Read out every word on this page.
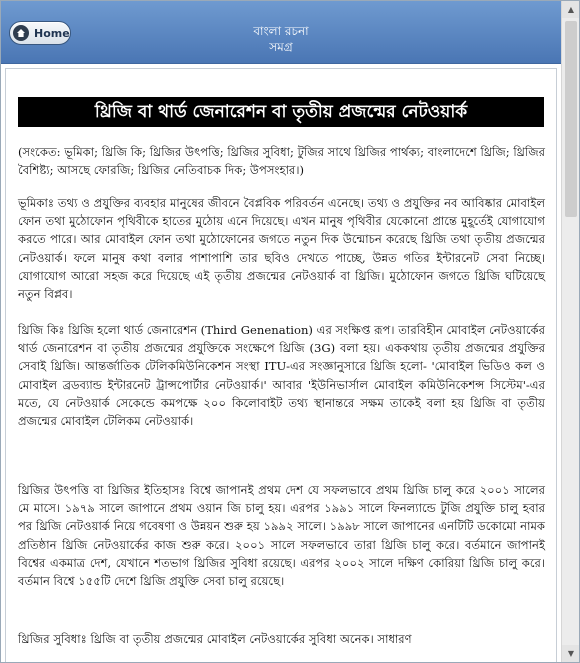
Home	বাংলা রচনা
সমগ্র
থ্রিজি বা থার্ড জেনারেশন বা তৃতীয় প্রজন্মের নেটওয়ার্ক
(সংকেত: ভূমিকা; থ্রিজি কি; থ্রিজির উৎপত্তি; থ্রিজির সুবিধা; টুজির সাথে থ্রিজির পার্থক্য; বাংলাদেশে থ্রিজি; থ্রিজির বৈশিষ্ট্য; আসছে ফোরজি; থ্রিজির নেতিবাচক দিক; উপসংহার।)
ভূমিকাঃ তথ্য ও প্রযুক্তির ব্যবহার মানুষের জীবনে বৈপ্লবিক পরিবর্তন এনেছে। তথ্য ও প্রযুক্তির নব আবিষ্কার মোবাইল ফোন তথা মুঠোফোন পৃথিবীকে হাতের মুঠোয় এনে দিয়েছে। এখন মানুষ পৃথিবীর যেকোনো প্রান্তে মুহূর্তেই যোগাযোগ করতে পারে। আর মোবাইল ফোন তথা মুঠোফোনের জগতে নতুন দিক উন্মোচন করেছে থ্রিজি তথা তৃতীয় প্রজন্মের নেটওয়ার্ক। ফলে মানুষ কথা বলার পাশাপাশি তার ছবিও দেখতে পাচ্ছে, উন্নত গতির ইন্টারনেট সেবা নিচ্ছে। যোগাযোগ আরো সহজ করে দিয়েছে এই তৃতীয় প্রজন্মের নেটওয়ার্ক বা থ্রিজি। মুঠোফোন জগতে থ্রিজি ঘটিয়েছে নতুন বিপ্লব।
থ্রিজি কিঃ থ্রিজি হলো থার্ড জেনারেশন (Third Genenation) এর সংক্ষিপ্ত রূপ। তারবিহীন মোবাইল নেটওয়ার্কের থার্ড জেনারেশন বা তৃতীয় প্রজন্মের প্রযুক্তিকে সংক্ষেপে থ্রিজি (3G) বলা হয়। এককথায় তৃতীয় প্রজন্মের প্রযুক্তির সেবাই থ্রিজি। আন্তর্জাতিক টেলিকমিউনিকেশন সংস্থা ITU-এর সংজ্ঞানুসারে থ্রিজি হলো- 'মোবাইল ভিডিও কল ও মোবাইল ব্রডব্যান্ড ইন্টারনেট ট্রান্সপোর্টার নেটওয়ার্ক।' আবার 'ইউনিভার্সাল মোবাইল কমিউনিকেশন্স সিস্টেম'-এর মতে, যে নেটওয়ার্ক সেকেন্ডে কমপক্ষে ২০০ কিলোবাইট তথ্য স্থানান্তরে সক্ষম তাকেই বলা হয় থ্রিজি বা তৃতীয় প্রজন্মের মোবাইল টেলিকম নেটওয়ার্ক।
থ্রিজির উৎপত্তি বা থ্রিজির ইতিহাসঃ বিশ্বে জাপানই প্রথম দেশ যে সফলভাবে প্রথম থ্রিজি চালু করে ২০০১ সালের মে মাসে। ১৯৭৯ সালে জাপানে প্রথম ওয়ান জি চালু হয়। এরপর ১৯৯১ সালে ফিনল্যান্ডে টুজি প্রযুক্তি চালু হবার পর থ্রিজি নেটওয়ার্ক নিয়ে গবেষণা ও উন্নয়ন শুরু হয় ১৯৯২ সালে। ১৯৯৮ সালে জাপানের এনটিটি ডকোমো নামক প্রতিষ্ঠান থ্রিজি নেটওয়ার্কের কাজ শুরু করে। ২০০১ সালে সফলভাবে তারা থ্রিজি চালু করে। বর্তমানে জাপানই বিশ্বের একমাত্র দেশ, যেখানে শতভাগ থ্রিজির সুবিধা রয়েছে। এরপর ২০০২ সালে দক্ষিণ কোরিয়া থ্রিজি চালু করে। বর্তমান বিশ্বে ১৫৫টি দেশে থ্রিজি প্রযুক্তি সেবা চালু রয়েছে।
থ্রিজির সুবিধাঃ থ্রিজি বা তৃতীয় প্রজন্মের মোবাইল নেটওয়ার্কের সুবিধা অনেক। সাধারণ
▲
▼
